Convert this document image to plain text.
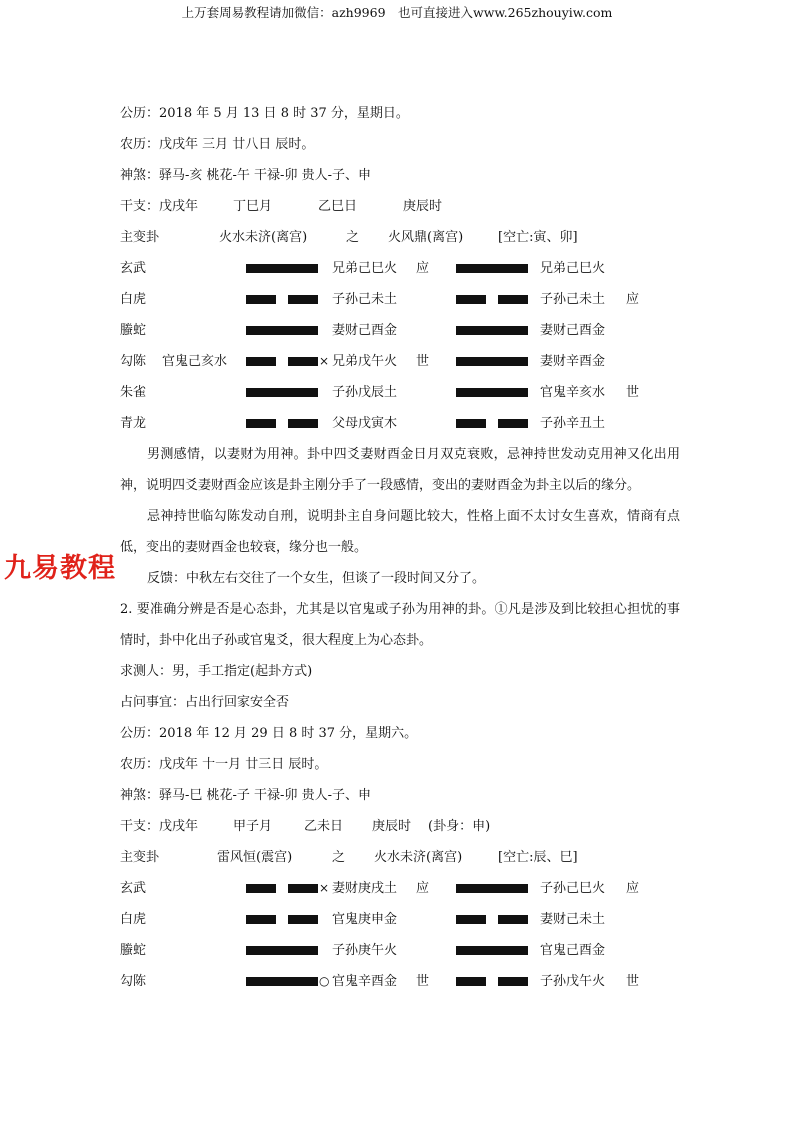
上万套周易教程请加微信：azh9969　也可直接进入www.265zhouyiw.com
公历：2018 年 5 月 13 日 8 时 37 分，星期日。
农历：戊戌年 三月 廿八日 辰时。
神煞：驿马-亥 桃花-午 干禄-卯 贵人-子、申
干支：戊戌年	丁巳月	乙巳日	庚辰时
主变卦	火水未济(离宫)	之 火风鼎(离宫)	[空亡:寅、卯]
玄武	兄弟己巳火 应	兄弟己巳火
白虎	子孙己未土	子孙己未土 应
螣蛇	妻财己酉金	妻财己酉金
勾陈 官鬼己亥水	× 兄弟戊午火 世	妻财辛酉金
朱雀	子孙戊辰土	官鬼辛亥水 世
青龙	父母戊寅木	子孙辛丑土

男测感情，以妻财为用神。卦中四爻妻财酉金日月双克衰败，忌神持世发动克用神又化出用神，说明四爻妻财酉金应该是卦主刚分手了一段感情，变出的妻财酉金为卦主以后的缘分。

忌神持世临勾陈发动自刑，说明卦主自身问题比较大，性格上面不太讨女生喜欢，情商有点低，变出的妻财酉金也较衰，缘分也一般。

反馈：中秋左右交往了一个女生，但谈了一段时间又分了。

2. 要准确分辨是否是心态卦，尤其是以官鬼或子孙为用神的卦。①凡是涉及到比较担心担忧的事情时，卦中化出子孙或官鬼爻，很大程度上为心态卦。

求测人：男，手工指定(起卦方式)
占问事宜：占出行回家安全否
公历：2018 年 12 月 29 日 8 时 37 分，星期六。
农历：戊戌年 十一月 廿三日 辰时。
神煞：驿马-巳 桃花-子 干禄-卯 贵人-子、申
干支：戊戌年	甲子月 乙未日 庚辰时 (卦身：申)
主变卦	雷风恒(震宫)	之 火水未济(离宫)	[空亡:辰、巳]
玄武	× 妻财庚戌土 应	子孙己巳火 应
白虎	官鬼庚申金	妻财己未土
螣蛇	子孙庚午火	官鬼己酉金
勾陈	○ 官鬼辛酉金 世	子孙戊午火 世
九易教程
